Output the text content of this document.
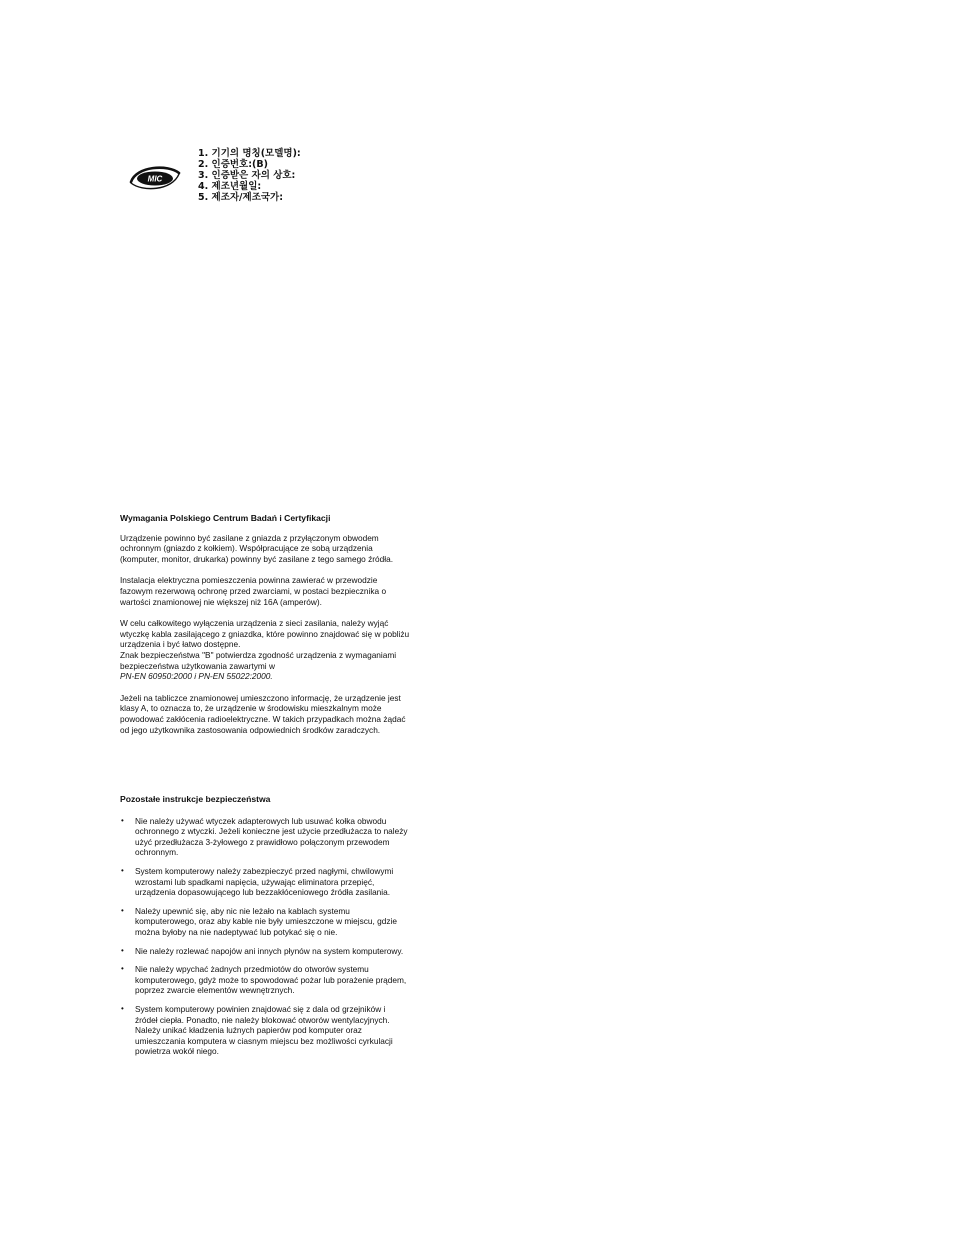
MIC
1. 기기의 명칭(모델명):
2. 인증번호:(B)
3. 인증받은 자의 상호:
4. 제조년월일:
5. 제조자/제조국가:
Wymagania Polskiego Centrum Badań i Certyfikacji

Urządzenie powinno być zasilane z gniazda z przyłączonym obwodem ochronnym (gniazdo z kołkiem). Współpracujące ze sobą urządzenia (komputer, monitor, drukarka) powinny być zasilane z tego samego źródła.

Instalacja elektryczna pomieszczenia powinna zawierać w przewodzie fazowym rezerwową ochronę przed zwarciami, w postaci bezpiecznika o wartości znamionowej nie większej niż 16A (amperów).

W celu całkowitego wyłączenia urządzenia z sieci zasilania, należy wyjąć wtyczkę kabla zasilającego z gniazdka, które powinno znajdować się w pobliżu urządzenia i być łatwo dostępne.

Znak bezpieczeństwa "B" potwierdza zgodność urządzenia z wymaganiami bezpieczeństwa użytkowania zawartymi w
PN-EN 60950:2000 i PN-EN 55022:2000.

Jeżeli na tabliczce znamionowej umieszczono informację, że urządzenie jest klasy A, to oznacza to, że urządzenie w środowisku mieszkalnym może powodować zakłócenia radioelektryczne. W takich przypadkach można żądać od jego użytkownika zastosowania odpowiednich środków zaradczych.

Pozostałe instrukcje bezpieczeństwa
• Nie należy używać wtyczek adapterowych lub usuwać kołka obwodu ochronnego z wtyczki. Jeżeli konieczne jest użycie przedłużacza to należy użyć przedłużacza 3-żyłowego z prawidłowo połączonym przewodem ochronnym.
• System komputerowy należy zabezpieczyć przed nagłymi, chwilowymi wzrostami lub spadkami napięcia, używając eliminatora przepięć, urządzenia dopasowującego lub bezzakłóceniowego źródła zasilania.
• Należy upewnić się, aby nic nie leżało na kablach systemu komputerowego, oraz aby kable nie były umieszczone w miejscu, gdzie można byłoby na nie nadeptywać lub potykać się o nie.
• Nie należy rozlewać napojów ani innych płynów na system komputerowy.
• Nie należy wpychać żadnych przedmiotów do otworów systemu komputerowego, gdyż może to spowodować pożar lub porażenie prądem, poprzez zwarcie elementów wewnętrznych.
• System komputerowy powinien znajdować się z dala od grzejników i źródeł ciepła. Ponadto, nie należy blokować otworów wentylacyjnych. Należy unikać kładzenia luźnych papierów pod komputer oraz umieszczania komputera w ciasnym miejscu bez możliwości cyrkulacji powietrza wokół niego.
